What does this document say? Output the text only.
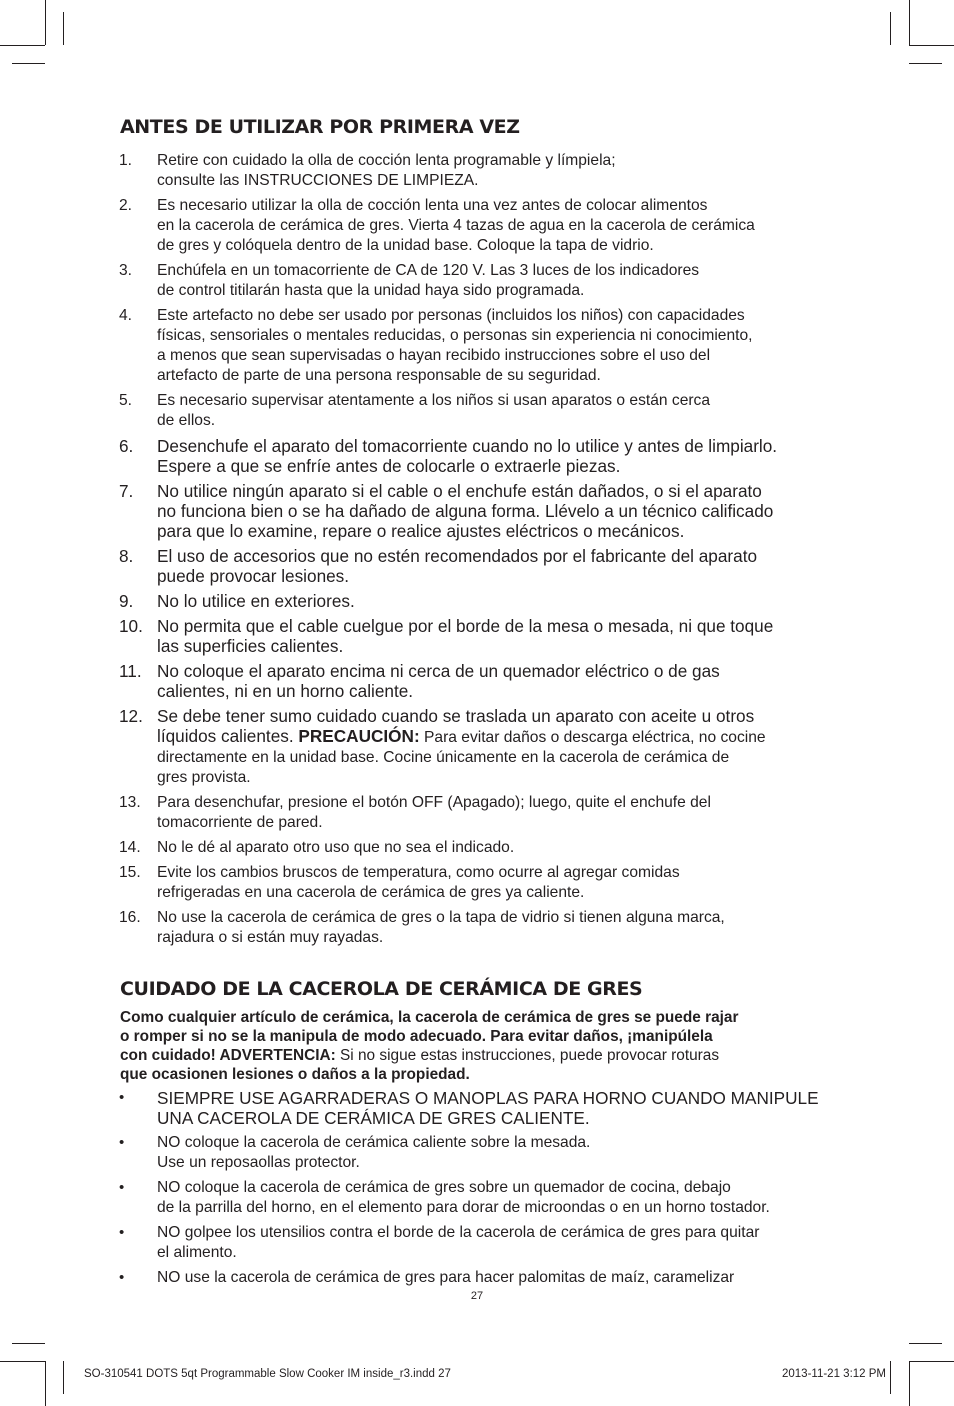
ANTES DE UTILIZAR POR PRIMERA VEZ
1. Retire con cuidado la olla de cocción lenta programable y límpiela;
consulte las INSTRUCCIONES DE LIMPIEZA.
2. Es necesario utilizar la olla de cocción lenta una vez antes de colocar alimentos
en la cacerola de cerámica de gres. Vierta 4 tazas de agua en la cacerola de cerámica
de gres y colóquela dentro de la unidad base. Coloque la tapa de vidrio.
3. Enchúfela en un tomacorriente de CA de 120 V. Las 3 luces de los indicadores
de control titilarán hasta que la unidad haya sido programada.
4. Este artefacto no debe ser usado por personas (incluidos los niños) con capacidades
físicas, sensoriales o mentales reducidas, o personas sin experiencia ni conocimiento,
a menos que sean supervisadas o hayan recibido instrucciones sobre el uso del
artefacto de parte de una persona responsable de su seguridad.
5. Es necesario supervisar atentamente a los niños si usan aparatos o están cerca
de ellos.
6. Desenchufe el aparato del tomacorriente cuando no lo utilice y antes de limpiarlo.
Espere a que se enfríe antes de colocarle o extraerle piezas.
7. No utilice ningún aparato si el cable o el enchufe están dañados, o si el aparato
no funciona bien o se ha dañado de alguna forma. Llévelo a un técnico calificado
para que lo examine, repare o realice ajustes eléctricos o mecánicos.
8. El uso de accesorios que no estén recomendados por el fabricante del aparato
puede provocar lesiones.
9. No lo utilice en exteriores.
10. No permita que el cable cuelgue por el borde de la mesa o mesada, ni que toque
las superficies calientes.
11. No coloque el aparato encima ni cerca de un quemador eléctrico o de gas
calientes, ni en un horno caliente.
12. Se debe tener sumo cuidado cuando se traslada un aparato con aceite u otros
líquidos calientes. PRECAUCIÓN: Para evitar daños o descarga eléctrica, no cocine
directamente en la unidad base. Cocine únicamente en la cacerola de cerámica de
gres provista.
13. Para desenchufar, presione el botón OFF (Apagado); luego, quite el enchufe del
tomacorriente de pared.
14. No le dé al aparato otro uso que no sea el indicado.
15. Evite los cambios bruscos de temperatura, como ocurre al agregar comidas
refrigeradas en una cacerola de cerámica de gres ya caliente.
16. No use la cacerola de cerámica de gres o la tapa de vidrio si tienen alguna marca,
rajadura o si están muy rayadas.
CUIDADO DE LA CACEROLA DE CERÁMICA DE GRES
Como cualquier artículo de cerámica, la cacerola de cerámica de gres se puede rajar
o romper si no se la manipula de modo adecuado. Para evitar daños, ¡manipúlela
con cuidado! ADVERTENCIA: Si no sigue estas instrucciones, puede provocar roturas
que ocasionen lesiones o daños a la propiedad.
• SIEMPRE USE AGARRADERAS O MANOPLAS PARA HORNO CUANDO MANIPULE
UNA CACEROLA DE CERÁMICA DE GRES CALIENTE.
• NO coloque la cacerola de cerámica caliente sobre la mesada.
Use un reposaollas protector.
• NO coloque la cacerola de cerámica de gres sobre un quemador de cocina, debajo
de la parrilla del horno, en el elemento para dorar de microondas o en un horno tostador.
• NO golpee los utensilios contra el borde de la cacerola de cerámica de gres para quitar
el alimento.
• NO use la cacerola de cerámica de gres para hacer palomitas de maíz, caramelizar
27
SO-310541 DOTS 5qt Programmable Slow Cooker IM inside_r3.indd 27	2013-11-21 3:12 PM
